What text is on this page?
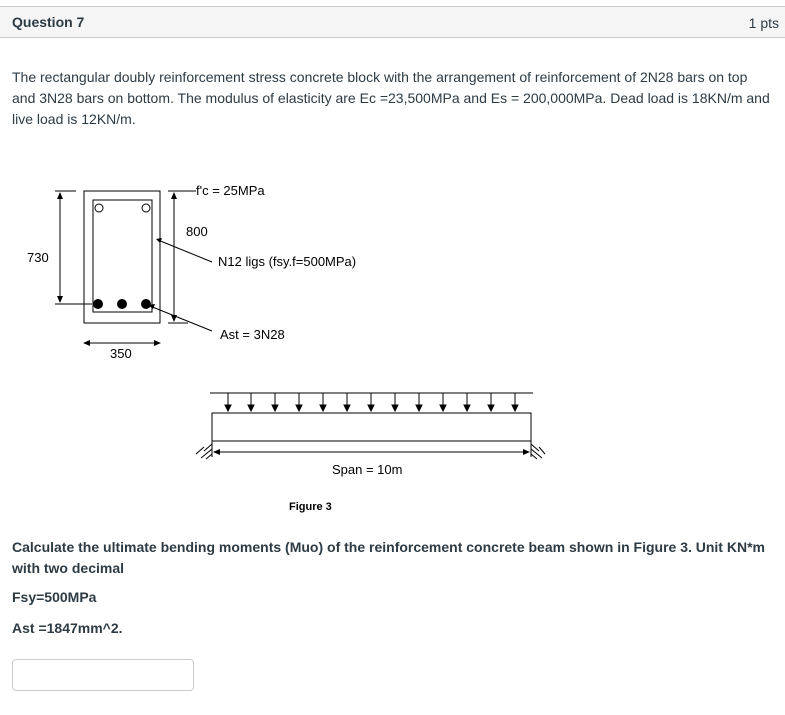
Question 7	1 pts
The rectangular doubly reinforcement stress concrete block with the arrangement of reinforcement of 2N28 bars on top and 3N28 bars on bottom. The modulus of elasticity are Ec =23,500MPa and Es = 200,000MPa. Dead load is 18KN/m and live load is 12KN/m.
730
800
f'c = 25MPa
N12 ligs (fsy.f=500MPa)
Ast = 3N28
350
Span = 10m
Figure 3
Calculate the ultimate bending moments (Muo) of the reinforcement concrete beam shown in Figure 3. Unit KN*m with two decimal
Fsy=500MPa
Ast =1847mm^2.
